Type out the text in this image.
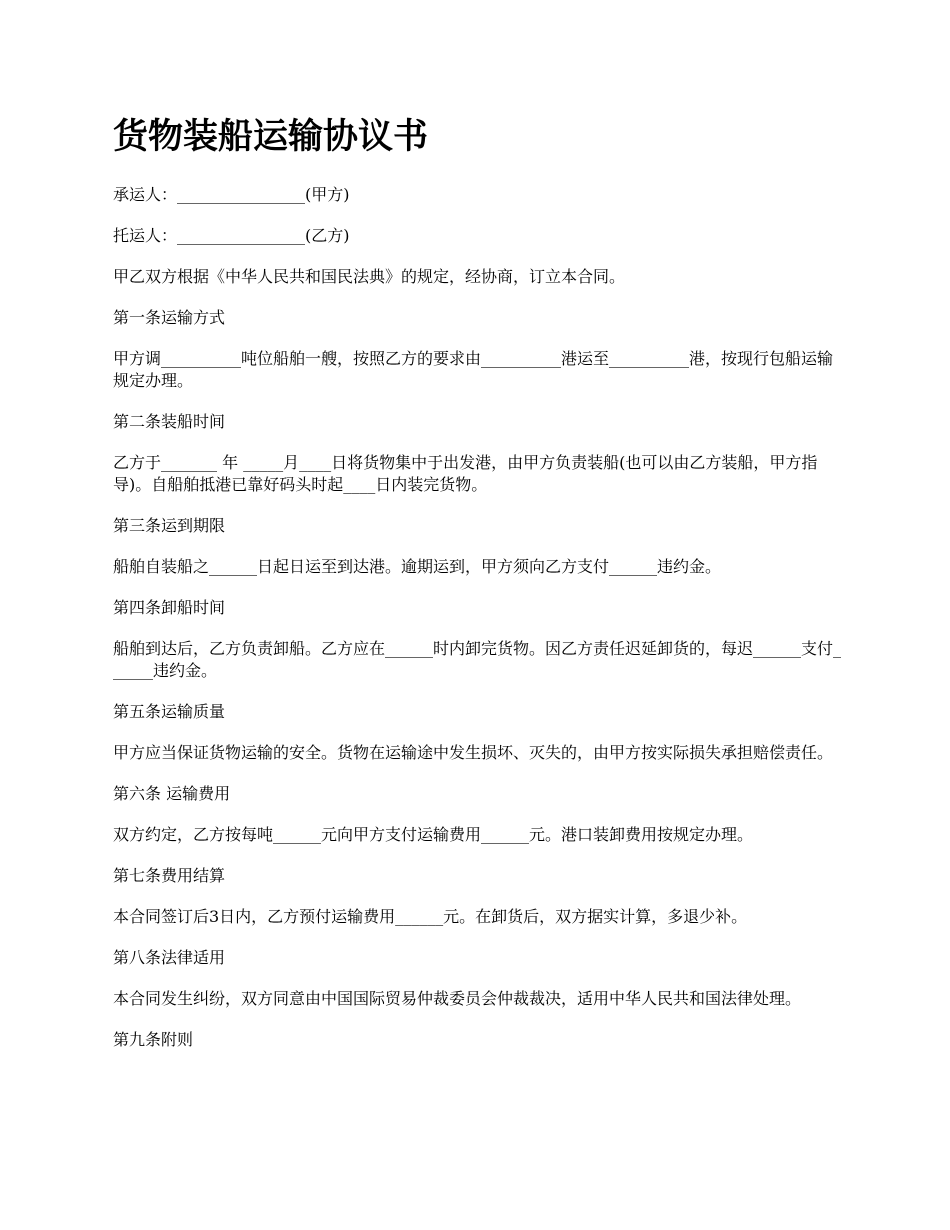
货物装船运输协议书

承运人：________________(甲方)

托运人：________________(乙方)

甲乙双方根据《中华人民共和国民法典》的规定，经协商，订立本合同。

第一条运输方式

甲方调__________吨位船舶一艘，按照乙方的要求由__________港运至__________港，按现行包船运输规定办理。

第二条装船时间

乙方于_______ 年 _____月____日将货物集中于出发港，由甲方负责装船(也可以由乙方装船，甲方指导)。自船舶抵港已靠好码头时起____日内装完货物。

第三条运到期限

船舶自装船之______日起日运至到达港。逾期运到，甲方须向乙方支付______违约金。

第四条卸船时间

船舶到达后，乙方负责卸船。乙方应在______时内卸完货物。因乙方责任迟延卸货的，每迟______支付______违约金。

第五条运输质量

甲方应当保证货物运输的安全。货物在运输途中发生损坏、灭失的，由甲方按实际损失承担赔偿责任。

第六条 运输费用

双方约定，乙方按每吨______元向甲方支付运输费用______元。港口装卸费用按规定办理。

第七条费用结算

本合同签订后3日内，乙方预付运输费用______元。在卸货后，双方据实计算，多退少补。

第八条法律适用

本合同发生纠纷，双方同意由中国国际贸易仲裁委员会仲裁裁决，适用中华人民共和国法律处理。

第九条附则
